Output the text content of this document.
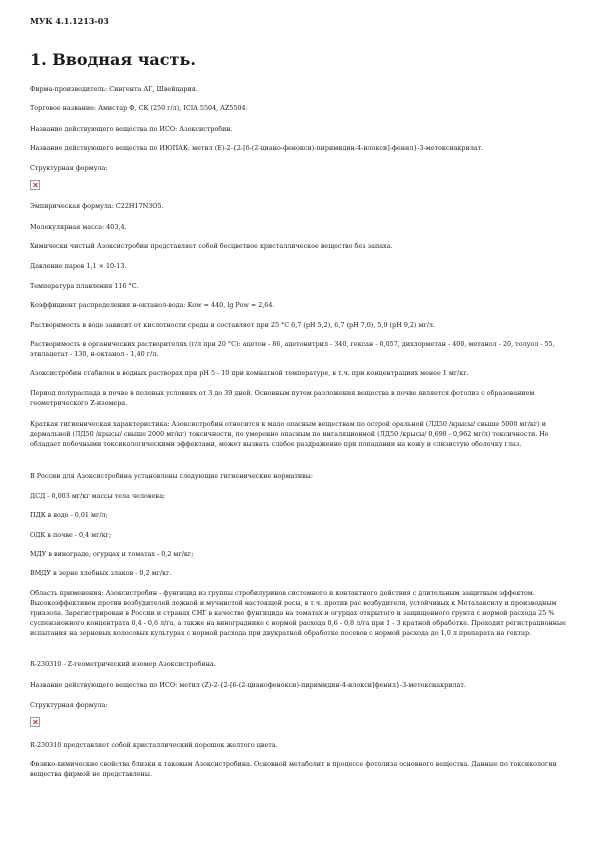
МУК 4.1.1213-03
1. Вводная часть.

Фирма-производитель: Сингента АГ, Швейцария.

Торговое название: Амистар Ф, СК (250 г/л), ICIA 5504, AZ5504.

Название действующего вещества по ИСО: Азоксистробин.

Название действующего вещества по ИЮПАК: метил (E)-2-{2-[6-(2-циано-фенокси)-пиримидин-4-илокси]-фенил}-3-метоксиакрилат.

Структурная формула:

Эмпирическая формула: C22H17N3O5.

Молекулярная масса: 403,4.

Химически чистый Азоксистробин представляет собой бесцветное кристаллическое вещество без запаха.

Давление паров 1,1 × 10-13.

Температура плавления 116 °С.

Коэффициент распределения н-октанол-вода: Kow = 440, lg Pow = 2,64.

Растворимость в воде зависит от кислотности среды и составляет при 25 °С 6,7 (pH 5,2), 6,7 (pH 7,0), 5,9 (pH 9,2) мг/л.

Растворимость в органических растворителях (г/л при 20 °С): ацетон - 86, ацетонитрил - 340, гексан - 0,057, дихлорметан - 400, метанол - 20, толуол - 55, этилацетат - 130, н-октанол - 1,40 г/л.

Азоксистробин стабилен в водных растворах при pH 5 - 10 при комнатной температуре, в т.ч. при концентрациях менее 1 мг/кг.

Период полураспада в почве в полевых условиях от 3 до 39 дней. Основным путем разложения вещества в почве является фотолиз с образованием геометрического Z-изомера.

Краткая гигиеническая характеристика: Азоксистробин относится к мало опасным веществам по острой оральной (ЛД50 /крысы/ свыше 5000 мг/кг) и дермальной (ЛД50 /крысы/ свыше 2000 мг/кг) токсичности, по умеренно опасным по ингаляционной (ЛД50 /крысы/ 0,698 - 0,962 мг/л) токсичности. Не обладает побочными токсикологическими эффектами, может вызвать слабое раздражение при попадании на кожу и слизистую оболочку глаз.

В России для Азоксистробина установлены следующие гигиенические нормативы:

ДСД - 0,003 мг/кг массы тела человека;

ПДК в воде - 0,01 мг/л;

ОДК в почве - 0,4 мг/кг;

МДУ в винограде, огурцах и томатах - 0,2 мг/кг;

ВМДУ в зерне хлебных злаков - 0,2 мг/кг.

Область применения: Азоксистробин - фунгицид из группы стробилуринов системного и контактного действия с длительным защитным эффектом. Высокоэффективен против возбудителей ложной и мучнистой настоящей росы, в т.ч. против рас возбудителя, устойчивых к Металаксилу и производным триазола. Зарегистрирован в России и странах СНГ в качестве фунгицида на томатах и огурцах открытого и защищенного грунта с нормой расхода 25 % суспензионного концентрата 0,4 - 0,6 л/га, а также на винограднике с нормой расхода 0,6 - 0,8 л/га при 1 - 3 кратной обработке. Проходит регистрационные испытания на зерновых колосовых культурах с нормой расхода при двукратной обработке посевов с нормой расхода до 1,0 л препарата на гектар.

R-230310 - Z-геометрический изомер Азоксистробина.

Название действующего вещества по ИСО: метил (Z)-2-{2-[6-(2-цианофенокси)-пиримидин-4-илокси]фенил}-3-метоксиакрилат.

Структурная формула:

R-230310 представляет собой кристаллический порошок желтого цвета.

Физико-химические свойства близки к таковым Азоксистробина. Основной метаболит в процессе фотолиза основного вещества. Данные по токсикологии вещества фирмой не представлены.
